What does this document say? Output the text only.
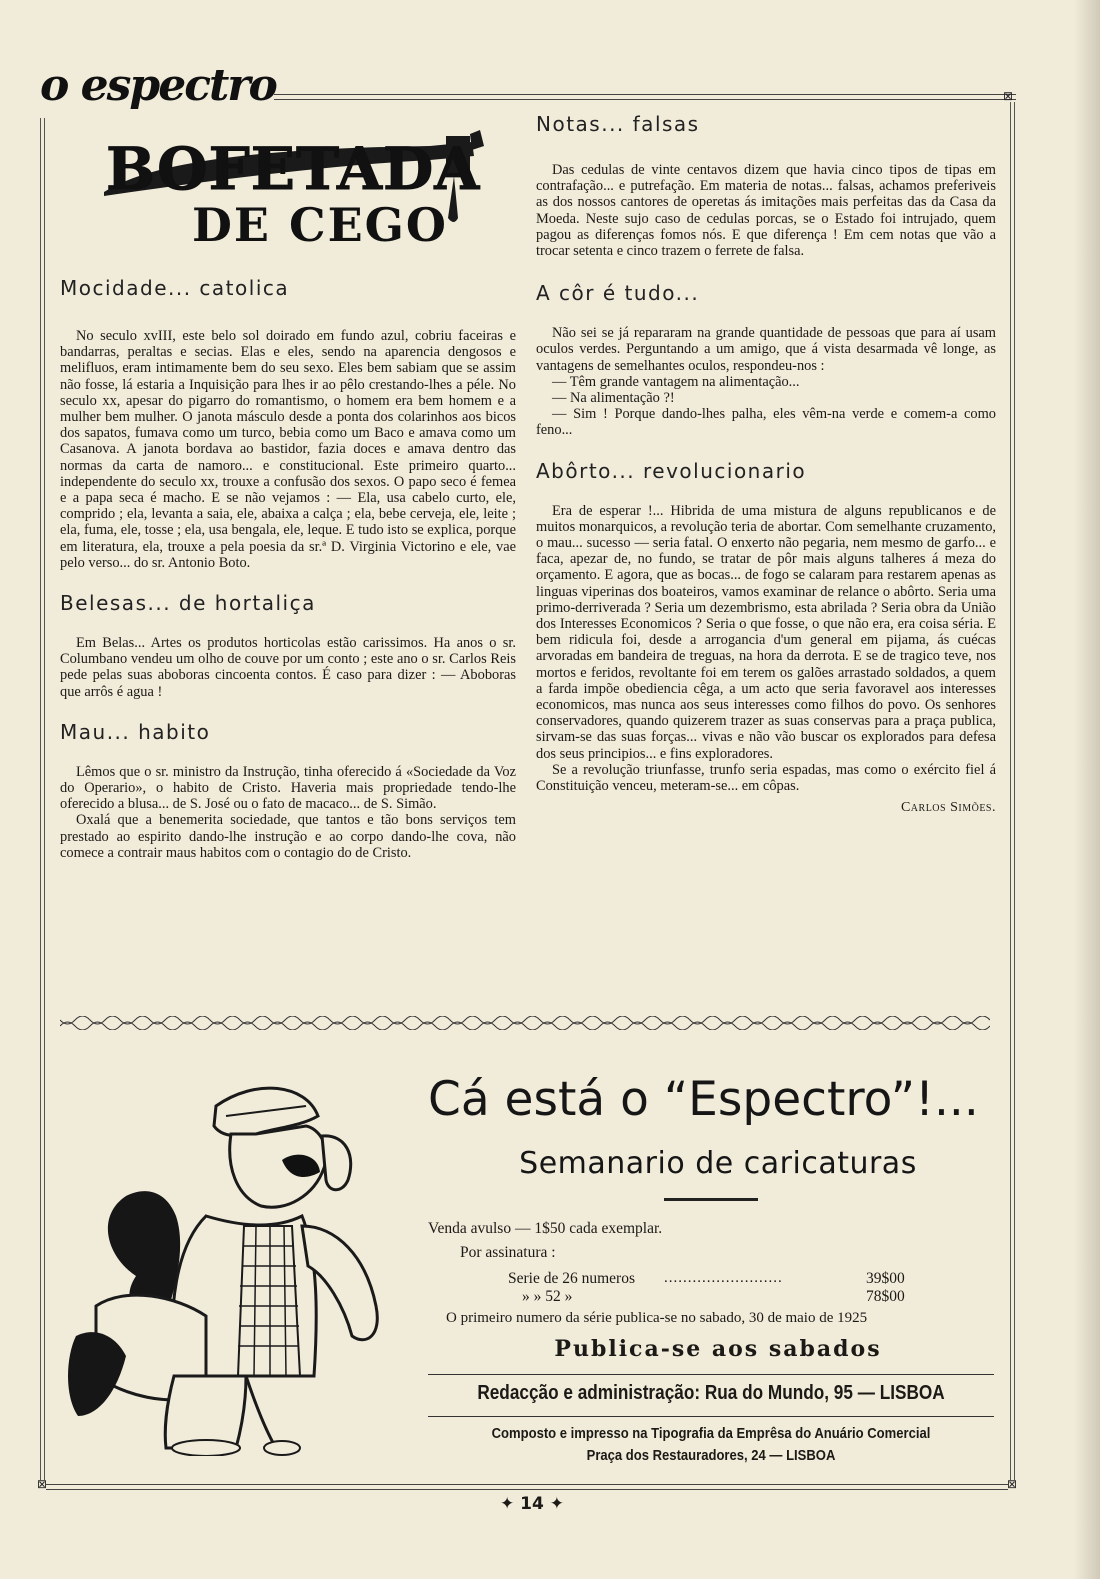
o espectro	⊠
⊠	⊠
✦ 14 ✦
BOFETADA
DE CEGO
Mocidade... catolica

No seculo xvIII, este belo sol doirado em fundo azul, cobriu faceiras e bandarras, peraltas e secias. Elas e eles, sendo na aparencia dengosos e melifluos, eram intimamente bem do seu sexo. Eles bem sabiam que se assim não fosse, lá estaria a Inquisição para lhes ir ao pêlo crestando-lhes a péle. No seculo xx, apesar do pigarro do romantismo, o homem era bem homem e a mulher bem mulher. O janota másculo desde a ponta dos colarinhos aos bicos dos sapatos, fumava como um turco, bebia como um Baco e amava como um Casanova. A janota bordava ao bastidor, fazia doces e amava dentro das normas da carta de namoro... e constitucional. Este primeiro quarto... independente do seculo xx, trouxe a confusão dos sexos. O papo seco é femea e a papa seca é macho. E se não vejamos : — Ela, usa cabelo curto, ele, comprido ; ela, levanta a saia, ele, abaixa a calça ; ela, bebe cerveja, ele, leite ; ela, fuma, ele, tosse ; ela, usa bengala, ele, leque. E tudo isto se explica, porque em literatura, ela, trouxe a pela poesia da sr.ª D. Virginia Victorino e ele, vae pelo verso... do sr. Antonio Boto.

Belesas... de hortaliça

Em Belas... Artes os produtos horticolas estão carissimos. Ha anos o sr. Columbano vendeu um olho de couve por um conto ; este ano o sr. Carlos Reis pede pelas suas aboboras cincoenta contos. É caso para dizer : — Aboboras que arrôs é agua !

Mau... habito

Lêmos que o sr. ministro da Instrução, tinha oferecido á «Sociedade da Voz do Operario», o habito de Cristo. Haveria mais propriedade tendo-lhe oferecido a blusa... de S. José ou o fato de macaco... de S. Simão.

Oxalá que a benemerita sociedade, que tantos e tão bons serviços tem prestado ao espirito dando-lhe instrução e ao corpo dando-lhe cova, não comece a contrair maus habitos com o contagio do de Cristo.

Notas... falsas

Das cedulas de vinte centavos dizem que havia cinco tipos de tipas em contrafação... e putrefação. Em materia de notas... falsas, achamos preferiveis as dos nossos cantores de operetas ás imitações mais perfeitas das da Casa da Moeda. Neste sujo caso de cedulas porcas, se o Estado foi intrujado, quem pagou as diferenças fomos nós. E que diferença ! Em cem notas que vão a trocar setenta e cinco trazem o ferrete de falsa.

A côr é tudo...

Não sei se já repararam na grande quantidade de pessoas que para aí usam oculos verdes. Perguntando a um amigo, que á vista desarmada vê longe, as vantagens de semelhantes oculos, respondeu-nos :

— Têm grande vantagem na alimentação...

— Na alimentação ?!

— Sim ! Porque dando-lhes palha, eles vêm-na verde e comem-a como feno...

Abôrto... revolucionario

Era de esperar !... Hibrida de uma mistura de alguns republicanos e de muitos monarquicos, a revolução teria de abortar. Com semelhante cruzamento, o mau... sucesso — seria fatal. O enxerto não pegaria, nem mesmo de garfo... e faca, apezar de, no fundo, se tratar de pôr mais alguns talheres á meza do orçamento. E agora, que as bocas... de fogo se calaram para restarem apenas as linguas viperinas dos boateiros, vamos examinar de relance o abôrto. Seria uma primo-derriverada ? Seria um dezembrismo, esta abrilada ? Seria obra da União dos Interesses Economicos ? Seria o que fosse, o que não era, era coisa séria. E bem ridicula foi, desde a arrogancia d'um general em pijama, ás cuécas arvoradas em bandeira de treguas, na hora da derrota. E se de tragico teve, nos mortos e feridos, revoltante foi em terem os galões arrastado soldados, a quem a farda impõe obediencia cêga, a um acto que seria favoravel aos interesses economicos, mas nunca aos seus interesses como filhos do povo. Os senhores conservadores, quando quizerem trazer as suas conservas para a praça publica, sirvam-se das suas forças... vivas e não vão buscar os explorados para defesa dos seus principios... e fins exploradores.

Se a revolução triunfasse, trunfo seria espadas, mas como o exército fiel á Constituição venceu, meteram-se... em côpas.

Carlos Simões.
Cá está o “Espectro”!...
Semanario de caricaturas
Venda avulso — 1$50 cada exemplar.
Por assinatura :
Serie de 26 numeros .........................	39$00
» » 52 »	78$00
O primeiro numero da série publica-se no sabado, 30 de maio de 1925
Publica-se aos sabados
Redacção e administração: Rua do Mundo, 95 — LISBOA
Composto e impresso na Tipografia da Emprêsa do Anuário Comercial
Praça dos Restauradores, 24 — LISBOA
